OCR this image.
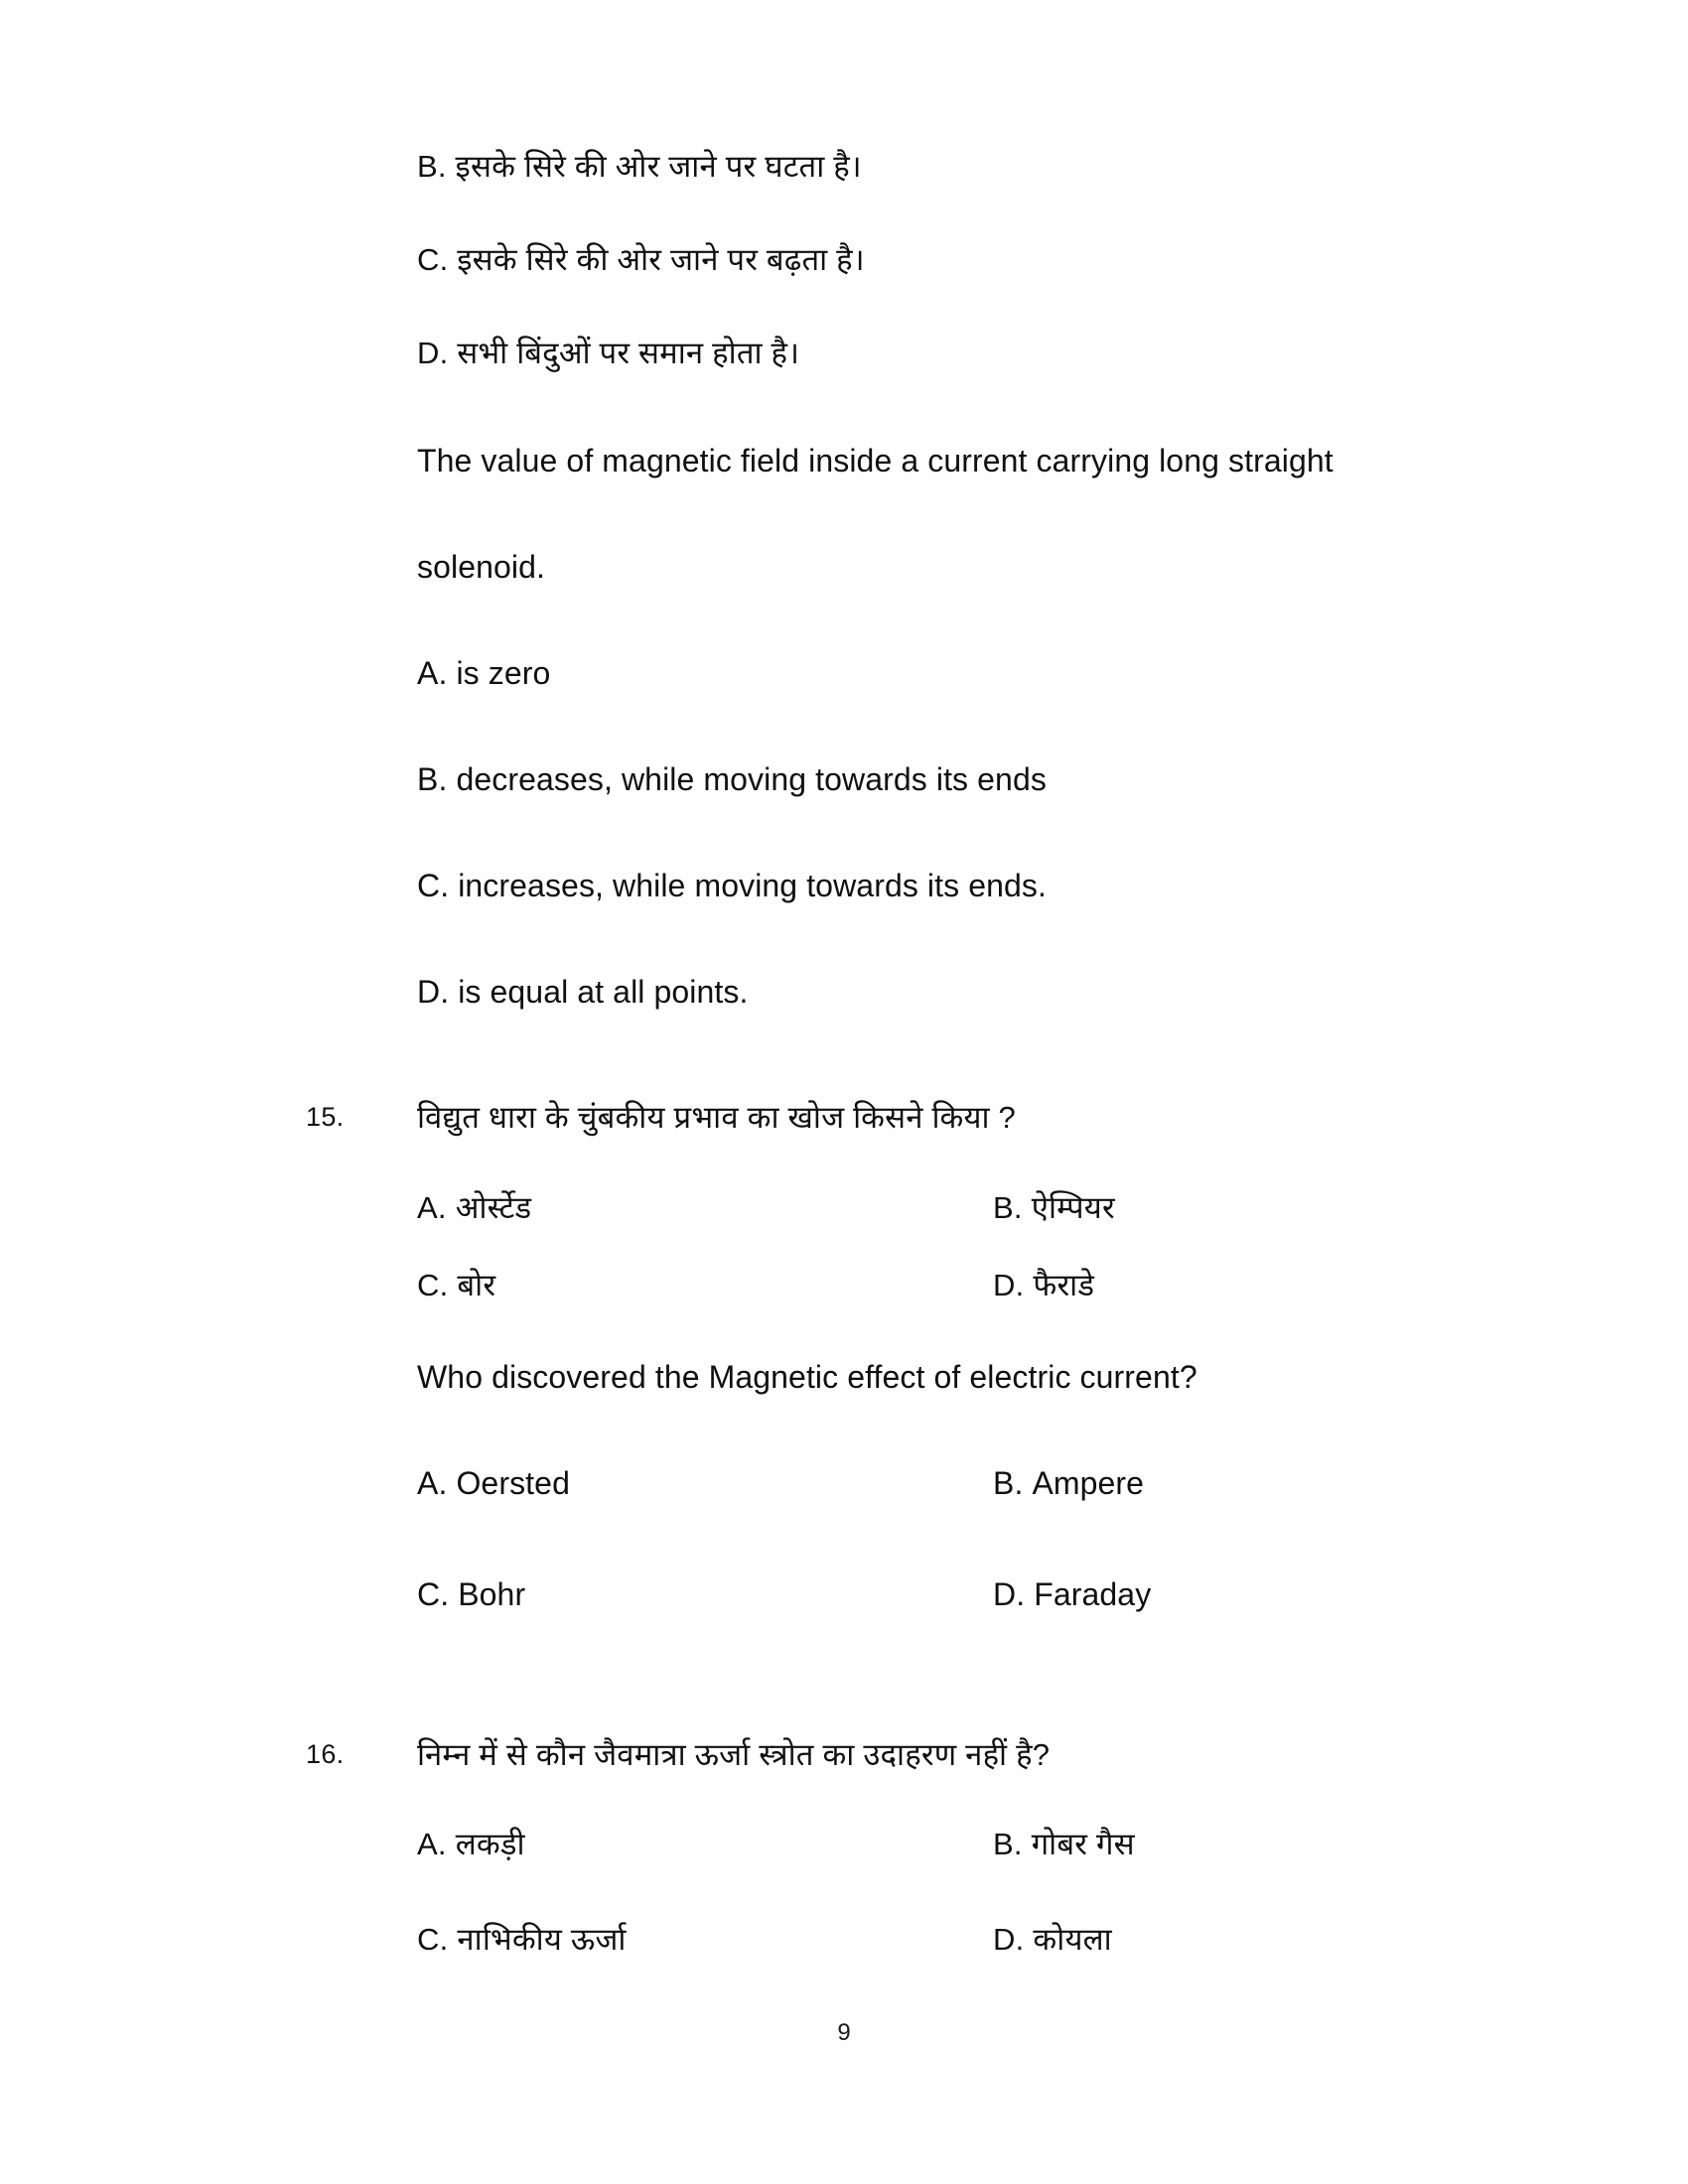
B. इसके सिरे की ओर जाने पर घटता है।
C. इसके सिरे की ओर जाने पर बढ़ता है।
D. सभी बिंदुओं पर समान होता है।
The value of magnetic field inside a current carrying long straight
solenoid.
A. is zero
B. decreases, while moving towards its ends
C. increases, while moving towards its ends.
D. is equal at all points.
15.	विद्युत धारा के चुंबकीय प्रभाव का खोज किसने किया ?
A. ओर्स्टेड	B. ऐम्पियर
C. बोर	D. फैराडे
Who discovered the Magnetic effect of electric current?
A. Oersted	B. Ampere
C. Bohr	D. Faraday
16.	निम्न में से कौन जैवमात्रा ऊर्जा स्त्रोत का उदाहरण नहीं है?
A. लकड़ी	B. गोबर गैस
C. नाभिकीय ऊर्जा	D. कोयला
9
